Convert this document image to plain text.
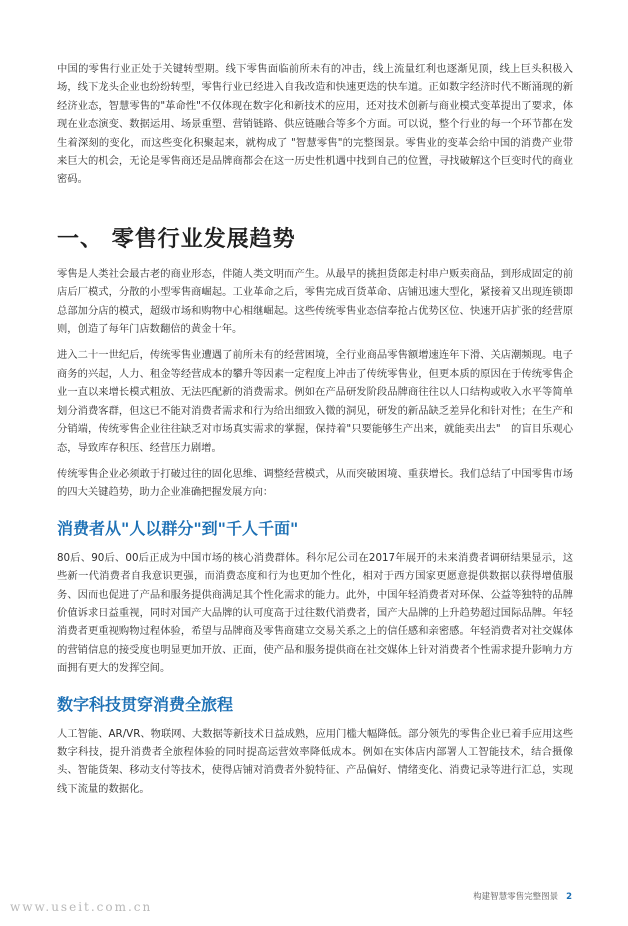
中国的零售行业正处于关键转型期。线下零售面临前所未有的冲击，线上流量红利也逐渐见顶，线上巨头积极入场，线下龙头企业也纷纷转型，零售行业已经进入自我改造和快速更迭的快车道。正如数字经济时代不断涌现的新经济业态，智慧零售的"革命性"不仅体现在数字化和新技术的应用，还对技术创新与商业模式变革提出了要求，体现在业态演变、数据运用、场景重塑、营销链路、供应链融合等多个方面。可以说，整个行业的每一个环节都在发生着深刻的变化，而这些变化积聚起来，就构成了 "智慧零售"的完整图景。零售业的变革会给中国的消费产业带来巨大的机会，无论是零售商还是品牌商都会在这一历史性机遇中找到自己的位置，寻找破解这个巨变时代的商业密码。

一、 零售行业发展趋势

零售是人类社会最古老的商业形态，伴随人类文明而产生。从最早的挑担货郎走村串户贩卖商品，到形成固定的前店后厂模式，分散的小型零售商崛起。工业革命之后，零售完成百货革命、店铺迅速大型化，紧接着又出现连锁即总部加分店的模式，超级市场和购物中心相继崛起。这些传统零售业态信奉抢占优势区位、快速开店扩张的经营原则，创造了每年门店数翻倍的黄金十年。

进入二十一世纪后，传统零售业遭遇了前所未有的经营困境，全行业商品零售额增速连年下滑、关店潮频现。电子商务的兴起，人力、租金等经营成本的攀升等因素一定程度上冲击了传统零售业，但更本质的原因在于传统零售企业一直以来增长模式粗放、无法匹配新的消费需求。例如在产品研发阶段品牌商往往以人口结构或收入水平等简单划分消费客群，但这已不能对消费者需求和行为给出细致入微的洞见，研发的新品缺乏差异化和针对性；在生产和分销端，传统零售企业往往缺乏对市场真实需求的掌握，保持着"只要能够生产出来，就能卖出去"　的盲目乐观心态，导致库存积压、经营压力剧增。

传统零售企业必须敢于打破过往的固化思维、调整经营模式，从而突破困境、重获增长。我们总结了中国零售市场的四大关键趋势，助力企业准确把握发展方向：

消费者从"人以群分"到"千人千面"

80后、90后、00后正成为中国市场的核心消费群体。科尔尼公司在2017年展开的未来消费者调研结果显示，这些新一代消费者自我意识更强，而消费态度和行为也更加个性化，相对于西方国家更愿意提供数据以获得增值服务、因而也促进了产品和服务提供商满足其个性化需求的能力。此外，中国年轻消费者对环保、公益等独特的品牌价值诉求日益重视，同时对国产大品牌的认可度高于过往数代消费者，国产大品牌的上升趋势超过国际品牌。年轻消费者更重视购物过程体验，希望与品牌商及零售商建立交易关系之上的信任感和亲密感。年轻消费者对社交媒体的营销信息的接受度也明显更加开放、正面，使产品和服务提供商在社交媒体上针对消费者个性需求提升影响力方面拥有更大的发挥空间。

数字科技贯穿消费全旅程

人工智能、AR/VR、物联网、大数据等新技术日益成熟，应用门槛大幅降低。部分领先的零售企业已着手应用这些数字科技，提升消费者全旅程体验的同时提高运营效率降低成本。例如在实体店内部署人工智能技术，结合摄像头、智能货架、移动支付等技术，使得店铺对消费者外貌特征、产品偏好、情绪变化、消费记录等进行汇总，实现线下流量的数据化。

构建智慧零售完整图景 2
www.useit.com.cn
